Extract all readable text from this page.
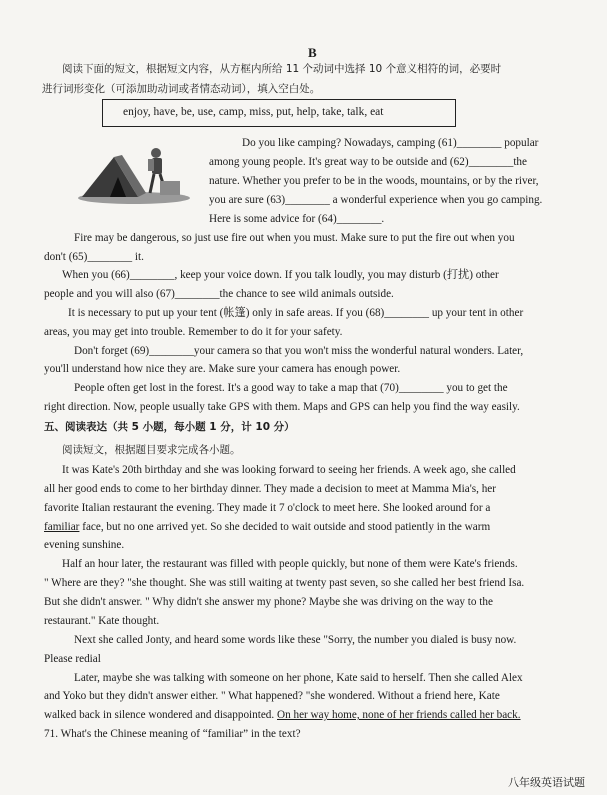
B
阅读下面的短文，根据短文内容，从方框内所给 11 个动词中选择 10 个意义相符的词，必要时
进行词形变化（可添加助动词或者情态动词），填入空白处。
enjoy, have, be, use, camp, miss, put, help, take, talk, eat
Do you like camping? Nowadays, camping (61)________ popular
among young people. It's great way to be outside and (62)________the
nature. Whether you prefer to be in the woods, mountains, or by the river,
you are sure (63)________ a wonderful experience when you go camping.
Here is some advice for (64)________.
Fire may be dangerous, so just use fire out when you must. Make sure to put the fire out when you
don't (65)________ it.
When you (66)________, keep your voice down. If you talk loudly, you may disturb (打扰) other
people and you will also (67)________the chance to see wild animals outside.
It is necessary to put up your tent (帐篷) only in safe areas. If you (68)________ up your tent in other
areas, you may get into trouble. Remember to do it for your safety.
Don't forget (69)________your camera so that you won't miss the wonderful natural wonders. Later,
you'll understand how nice they are. Make sure your camera has enough power.
People often get lost in the forest. It's a good way to take a map that (70)________ you to get the
right direction. Now, people usually take GPS with them. Maps and GPS can help you find the way easily.
五、阅读表达（共 5 小题，每小题 1 分，计 10 分）
阅读短文，根据题目要求完成各小题。
It was Kate's 20th birthday and she was looking forward to seeing her friends. A week ago, she called
all her good ends to come to her birthday dinner. They made a decision to meet at Mamma Mia's, her
favorite Italian restaurant the evening. They made it 7 o'clock to meet here. She looked around for a
familiar face, but no one arrived yet. So she decided to wait outside and stood patiently in the warm
evening sunshine.
Half an hour later, the restaurant was filled with people quickly, but none of them were Kate's friends.
" Where are they? "she thought. She was still waiting at twenty past seven, so she called her best friend Isa.
But she didn't answer. " Why didn't she answer my phone? Maybe she was driving on the way to the
restaurant." Kate thought.
Next she called Jonty, and heard some words like these "Sorry, the number you dialed is busy now.
Please redial
Later, maybe she was talking with someone on her phone, Kate said to herself. Then she called Alex
and Yoko but they didn't answer either. " What happened? "she wondered. Without a friend here, Kate
walked back in silence wondered and disappointed. On her way home, none of her friends called her back.
71. What's the Chinese meaning of “familiar” in the text?
八年级英语试题
